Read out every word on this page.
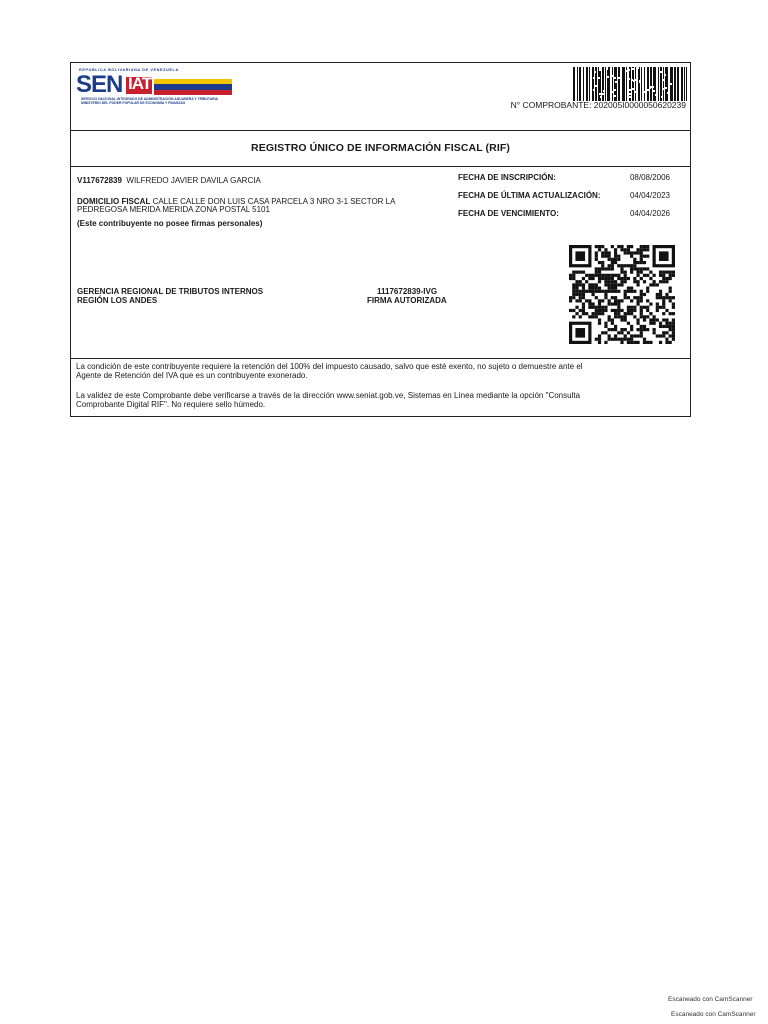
REPUBLICA BOLIVARIANA DE VENEZUELA
SEN IAT
SERVICIO NACIONAL INTEGRADO DE ADMINISTRACIÓN ADUANERA Y TRIBUTARIA
MINISTERIO DEL PODER POPULAR DE ECONOMÍA Y FINANZAS	N° COMPROBANTE: 202005I0000050620239
REGISTRO ÚNICO DE INFORMACIÓN FISCAL (RIF)
V117672839 WILFREDO JAVIER DAVILA GARCIA
DOMICILIO FISCAL CALLE CALLE DON LUIS CASA PARCELA 3 NRO 3-1 SECTOR LA
PEDREGOSA MERIDA MERIDA ZONA POSTAL 5101
(Este contribuyente no posee firmas personales)
FECHA DE INSCRIPCIÓN:	08/08/2006
FECHA DE ÚLTIMA ACTUALIZACIÓN:	04/04/2023
FECHA DE VENCIMIENTO:	04/04/2026
GERENCIA REGIONAL DE TRIBUTOS INTERNOS
REGIÓN LOS ANDES
1117672839-IVG
FIRMA AUTORIZADA
La condición de este contribuyente requiere la retención del 100% del impuesto causado, salvo que esté exento, no sujeto o demuestre ante el
Agente de Retención del IVA que es un contribuyente exonerado.
La validez de este Comprobante debe verificarse a través de la dirección www.seniat.gob.ve, Sistemas en Línea mediante la opción "Consulta
Comprobante Digital RIF". No requiere sello húmedo.
Escaneado con CamScanner
Escaneado con CamScanner
